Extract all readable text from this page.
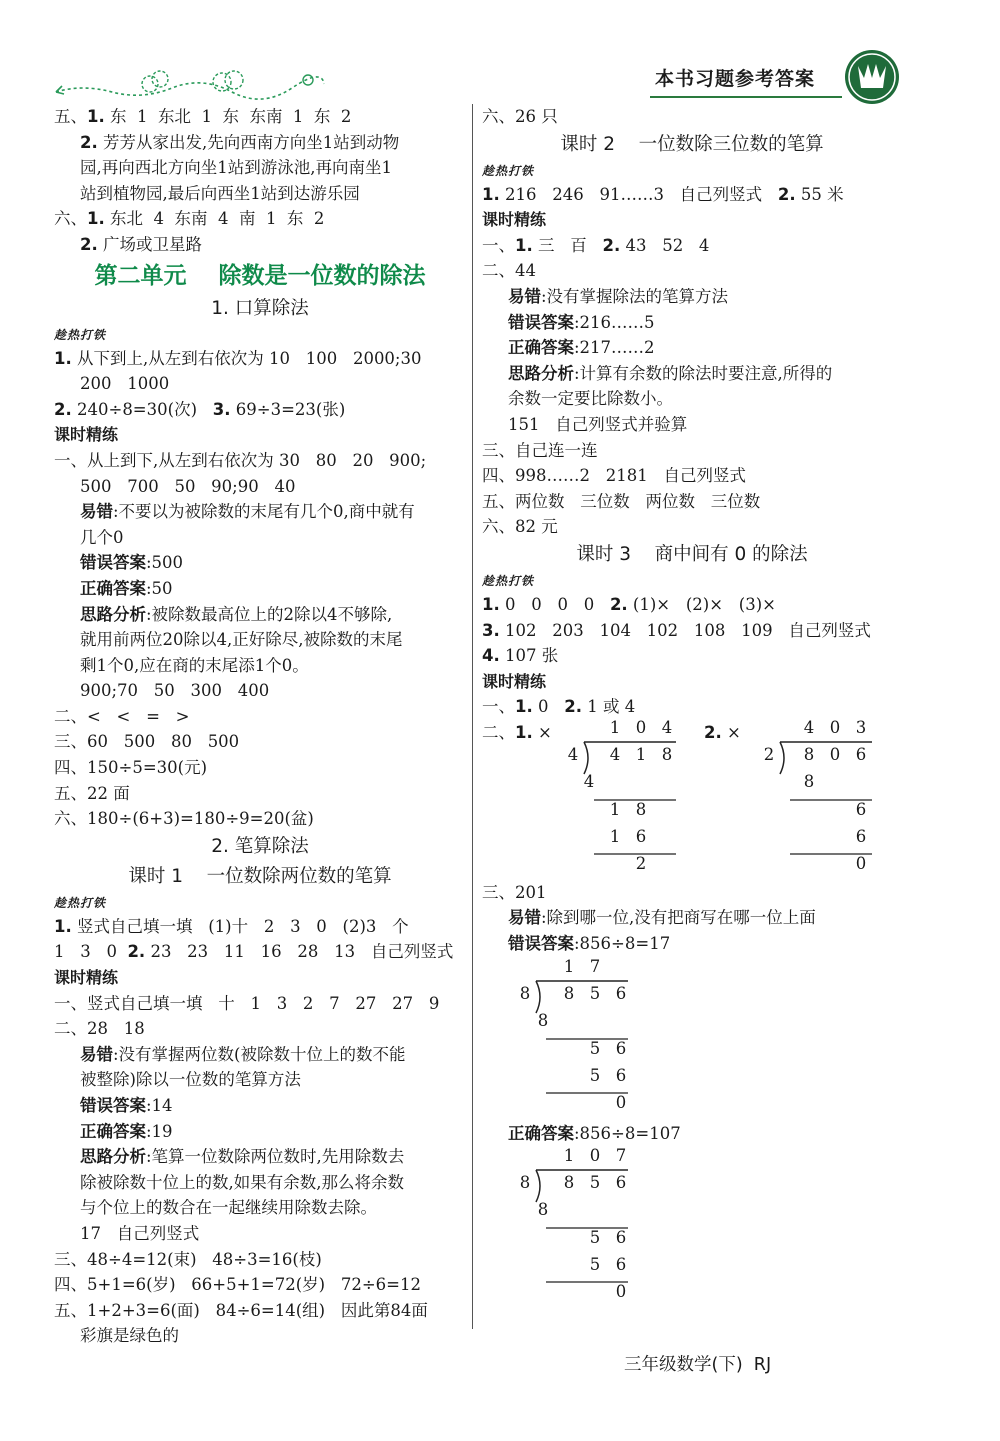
本书习题参考答案
五、1. 东  1  东北  1  东  东南  1  东  2
2. 芳芳从家出发,先向西南方向坐1站到动物
园,再向西北方向坐1站到游泳池,再向南坐1
站到植物园,最后向西坐1站到达游乐园
六、1. 东北  4  东南  4  南  1  东  2
2. 广场或卫星路
第二单元    除数是一位数的除法
1. 口算除法
趁热打铁
1. 从下到上,从左到右依次为 10   100   2000;30
200   1000
2. 240÷8=30(次)   3. 69÷3=23(张)
课时精练
一、从上到下,从左到右依次为 30   80   20   900;
500   700   50   90;90   40
易错:不要以为被除数的末尾有几个0,商中就有
几个0
错误答案:500
正确答案:50
思路分析:被除数最高位上的2除以4不够除,
就用前两位20除以4,正好除尽,被除数的末尾
剩1个0,应在商的末尾添1个0。
900;70   50   300   400
二、<   <   =   >
三、60   500   80   500
四、150÷5=30(元)
五、22 面
六、180÷(6+3)=180÷9=20(盆)
2. 笔算除法
课时 1    一位数除两位数的笔算
趁热打铁
1. 竖式自己填一填   (1)十   2   3   0   (2)3   个
1   3   0  2. 23   23   11   16   28   13   自己列竖式
课时精练
一、竖式自己填一填   十   1   3   2   7   27   27   9
二、28   18
易错:没有掌握两位数(被除数十位上的数不能
被整除)除以一位数的笔算方法
错误答案:14
正确答案:19
思路分析:笔算一位数除两位数时,先用除数去
除被除数十位上的数,如果有余数,那么将余数
与个位上的数合在一起继续用除数去除。
17   自己列竖式
三、48÷4=12(束)   48÷3=16(枝)
四、5+1=6(岁)   66+5+1=72(岁)   72÷6=12
五、1+2+3=6(面)   84÷6=14(组)   因此第84面
彩旗是绿色的
六、26 只
课时 2    一位数除三位数的笔算
趁热打铁
1. 216   246   91……3   自己列竖式   2. 55 米
课时精练
一、1. 三   百   2. 43   52   4
二、44
易错:没有掌握除法的笔算方法
错误答案:216……5
正确答案:217……2
思路分析:计算有余数的除法时要注意,所得的
余数一定要比除数小。
151   自己列竖式并验算
三、自己连一连
四、998……2   2181   自己列竖式
五、两位数   三位数   两位数   三位数
六、82 元
课时 3    商中间有 0 的除法
趁热打铁
1. 0   0   0   0   2. (1)×   (2)×   (3)×
3. 102   203   104   102   108   109   自己列竖式
4. 107 张
课时精练
一、1. 0   2. 1 或 4
二、1. ×	1 0 4
4 4 1 8
4
1 8
1 6
2
2. ×	4 0 3
2 8 0 6
8
6
6
0
三、201
易错:除到哪一位,没有把商写在哪一位上面
错误答案:856÷8=17
1 7
8 8 5 6
8
5 6
5 6
0
正确答案:856÷8=107
1 0 7
8 8 5 6
8
5 6
5 6
0
三年级数学(下) RJ
